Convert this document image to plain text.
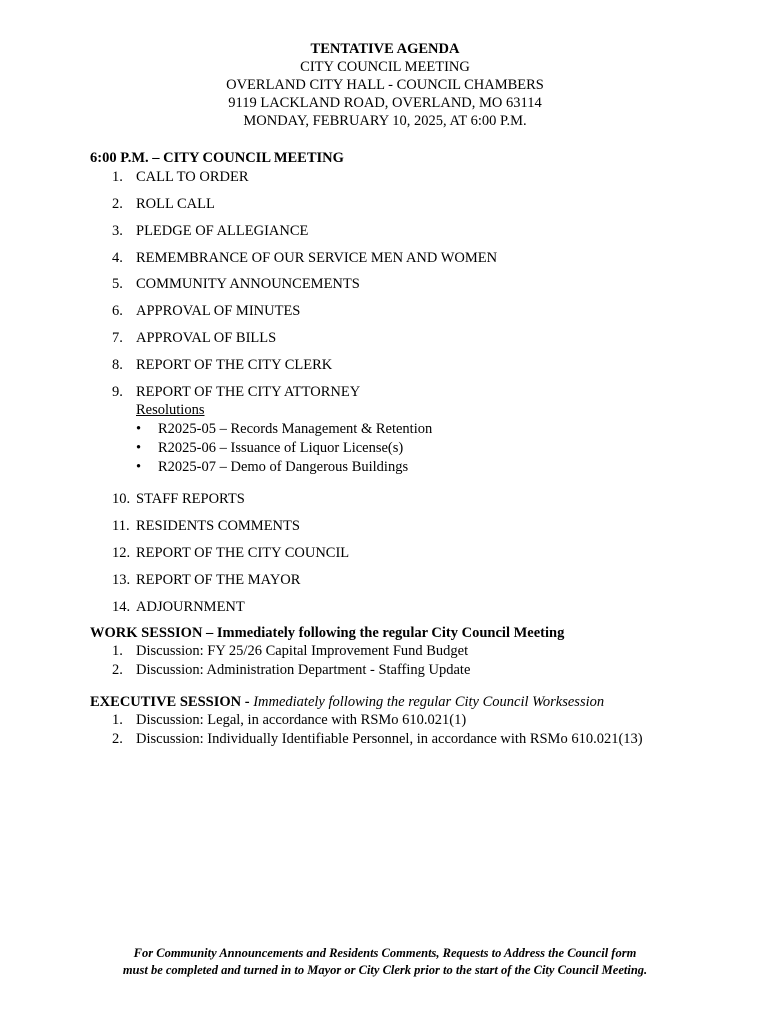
TENTATIVE AGENDA
CITY COUNCIL MEETING
OVERLAND CITY HALL - COUNCIL CHAMBERS
9119 LACKLAND ROAD, OVERLAND, MO 63114
MONDAY, FEBRUARY 10, 2025, AT 6:00 P.M.
6:00 P.M. – CITY COUNCIL MEETING
1. CALL TO ORDER
2. ROLL CALL
3. PLEDGE OF ALLEGIANCE
4. REMEMBRANCE OF OUR SERVICE MEN AND WOMEN
5. COMMUNITY ANNOUNCEMENTS
6. APPROVAL OF MINUTES
7. APPROVAL OF BILLS
8. REPORT OF THE CITY CLERK
9. REPORT OF THE CITY ATTORNEY
Resolutions
• R2025-05 – Records Management & Retention
• R2025-06 – Issuance of Liquor License(s)
• R2025-07 – Demo of Dangerous Buildings
10. STAFF REPORTS
11. RESIDENTS COMMENTS
12. REPORT OF THE CITY COUNCIL
13. REPORT OF THE MAYOR
14. ADJOURNMENT
WORK SESSION – Immediately following the regular City Council Meeting
1. Discussion: FY 25/26 Capital Improvement Fund Budget
2. Discussion: Administration Department - Staffing Update
EXECUTIVE SESSION - Immediately following the regular City Council Worksession
1. Discussion: Legal, in accordance with RSMo 610.021(1)
2. Discussion: Individually Identifiable Personnel, in accordance with RSMo 610.021(13)
For Community Announcements and Residents Comments, Requests to Address the Council form
must be completed and turned in to Mayor or City Clerk prior to the start of the City Council Meeting.
